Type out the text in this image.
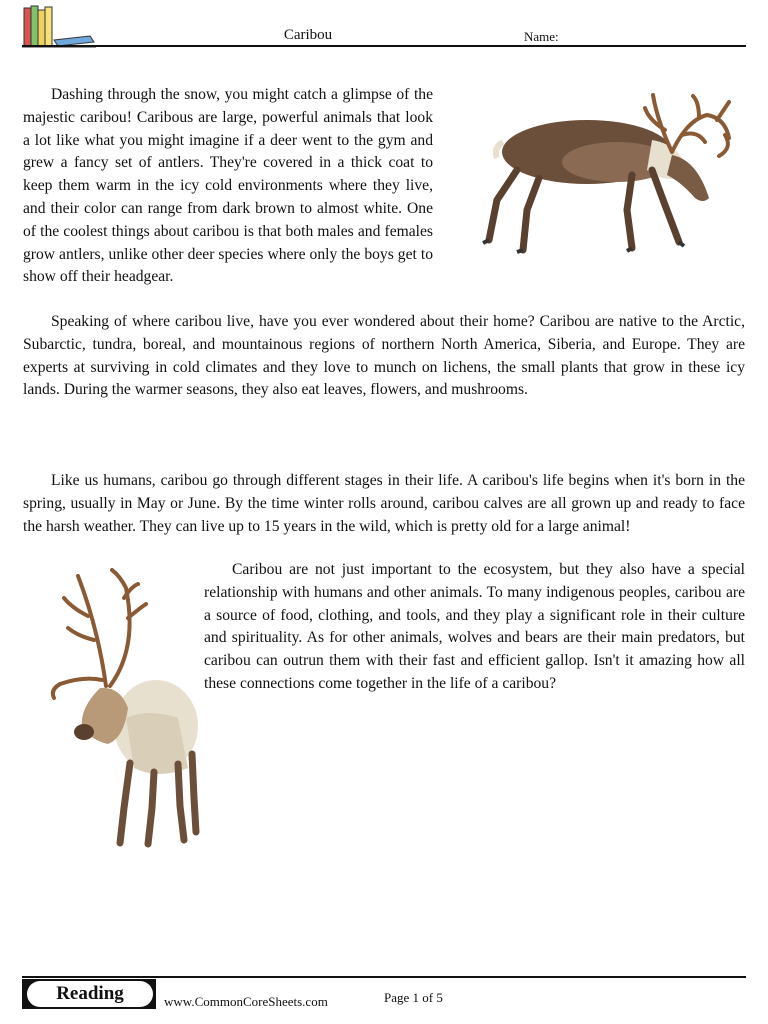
Caribou	Name:

Dashing through the snow, you might catch a glimpse of the majestic caribou! Caribous are large, powerful animals that look a lot like what you might imagine if a deer went to the gym and grew a fancy set of antlers. They're covered in a thick coat to keep them warm in the icy cold environments where they live, and their color can range from dark brown to almost white. One of the coolest things about caribou is that both males and females grow antlers, unlike other deer species where only the boys get to show off their headgear.

Speaking of where caribou live, have you ever wondered about their home? Caribou are native to the Arctic, Subarctic, tundra, boreal, and mountainous regions of northern North America, Siberia, and Europe. They are experts at surviving in cold climates and they love to munch on lichens, the small plants that grow in these icy lands. During the warmer seasons, they also eat leaves, flowers, and mushrooms.

Like us humans, caribou go through different stages in their life. A caribou's life begins when it's born in the spring, usually in May or June. By the time winter rolls around, caribou calves are all grown up and ready to face the harsh weather. They can live up to 15 years in the wild, which is pretty old for a large animal!

Caribou are not just important to the ecosystem, but they also have a special relationship with humans and other animals. To many indigenous peoples, caribou are a source of food, clothing, and tools, and they play a significant role in their culture and spirituality. As for other animals, wolves and bears are their main predators, but caribou can outrun them with their fast and efficient gallop. Isn't it amazing how all these connections come together in the life of a caribou?

Reading	www.CommonCoreSheets.com	Page 1 of 5
